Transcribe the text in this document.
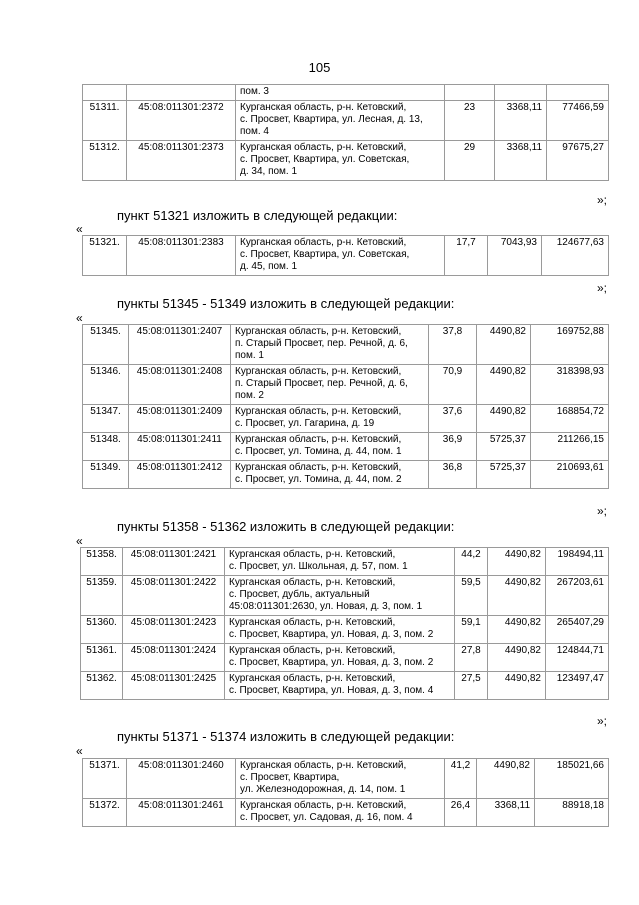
105
		пом. 3			
51311.	45:08:011301:2372	Курганская область, р-н. Кетовский,
с. Просвет, Квартира, ул. Лесная, д. 13,
пом. 4	23	3368,11	77466,59
51312.	45:08:011301:2373	Курганская область, р-н. Кетовский,
с. Просвет, Квартира, ул. Советская,
д. 34, пом. 1	29	3368,11	97675,27
»;
пункт 51321 изложить в следующей редакции:
«
51321.	45:08:011301:2383	Курганская область, р-н. Кетовский,
с. Просвет, Квартира, ул. Советская,
д. 45, пом. 1
	17,7	7043,93	124677,63
»;
пункты 51345 - 51349 изложить в следующей редакции:
«
51345.	45:08:011301:2407	Курганская область, р-н. Кетовский,
п. Старый Просвет, пер. Речной, д. 6,
пом. 1	37,8	4490,82	169752,88
51346.	45:08:011301:2408	Курганская область, р-н. Кетовский,
п. Старый Просвет, пер. Речной, д. 6,
пом. 2	70,9	4490,82	318398,93
51347.	45:08:011301:2409	Курганская область, р-н. Кетовский,
с. Просвет, ул. Гагарина, д. 19	37,6	4490,82	168854,72
51348.	45:08:011301:2411	Курганская область, р-н. Кетовский,
с. Просвет, ул. Томина, д. 44, пом. 1	36,9	5725,37	211266,15
51349.	45:08:011301:2412	Курганская область, р-н. Кетовский,
с. Просвет, ул. Томина, д. 44, пом. 2	36,8	5725,37	210693,61
»;
пункты 51358 - 51362 изложить в следующей редакции:
«
51358.	45:08:011301:2421	Курганская область, р-н. Кетовский,
с. Просвет, ул. Школьная, д. 57, пом. 1	44,2	4490,82	198494,11
51359.	45:08:011301:2422	Курганская область, р-н. Кетовский,
с. Просвет, дубль, актуальный
45:08:011301:2630, ул. Новая, д. 3, пом. 1	59,5	4490,82	267203,61
51360.	45:08:011301:2423	Курганская область, р-н. Кетовский,
с. Просвет, Квартира, ул. Новая, д. 3, пом. 2	59,1	4490,82	265407,29
51361.	45:08:011301:2424	Курганская область, р-н. Кетовский,
с. Просвет, Квартира, ул. Новая, д. 3, пом. 2	27,8	4490,82	124844,71
51362.	45:08:011301:2425	Курганская область, р-н. Кетовский,
с. Просвет, Квартира, ул. Новая, д. 3, пом. 4	27,5	4490,82	123497,47
»;
пункты 51371 - 51374 изложить в следующей редакции:
«
51371.	45:08:011301:2460	Курганская область, р-н. Кетовский,
с. Просвет, Квартира,
ул. Железнодорожная, д. 14, пом. 1	41,2	4490,82	185021,66
51372.	45:08:011301:2461	Курганская область, р-н. Кетовский,
с. Просвет, ул. Садовая, д. 16, пом. 4	26,4	3368,11	88918,18
